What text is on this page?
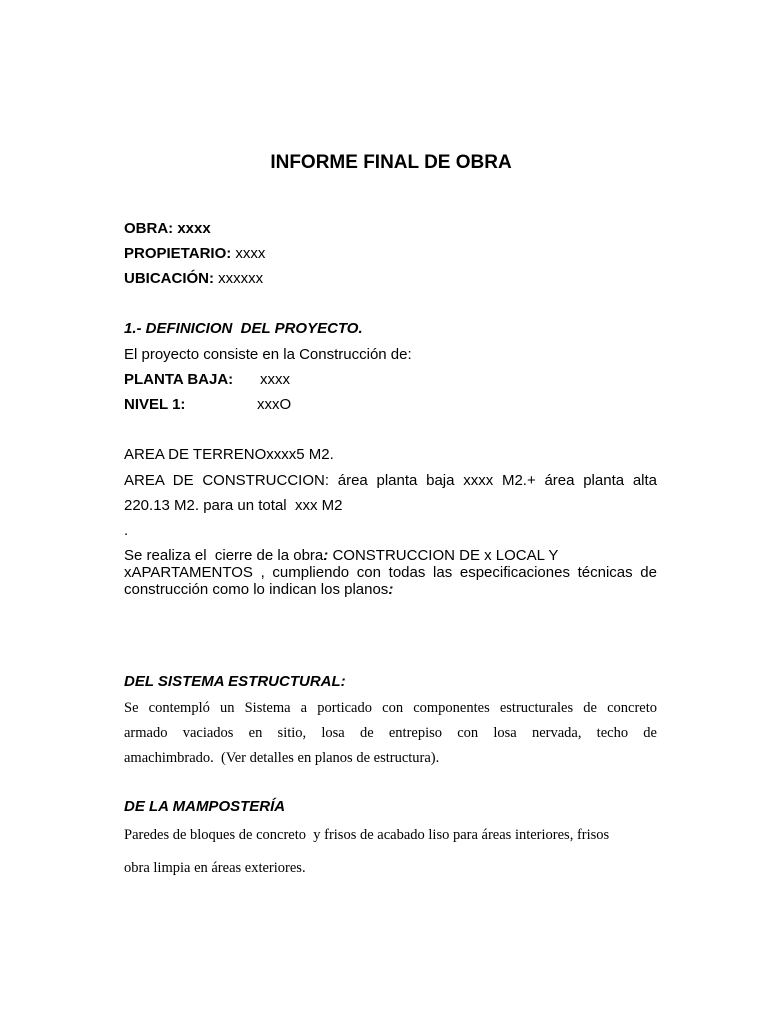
INFORME FINAL DE OBRA
OBRA: xxxx
PROPIETARIO: xxxx
UBICACIÓN: xxxxxx
1.- DEFINICION  DEL PROYECTO.
El proyecto consiste en la Construcción de:
PLANTA BAJA: xxxx
NIVEL 1:	xxxO
AREA DE TERRENOxxxx5 M2.
AREA DE CONSTRUCCION: área planta baja xxxx M2.+ área planta alta
220.13 M2. para un total  xxx M2
.
Se realiza el  cierre de la obra: CONSTRUCCION DE x LOCAL Y
xAPARTAMENTOS , cumpliendo con todas las especificaciones técnicas de
construcción como lo indican los planos:
DEL SISTEMA ESTRUCTURAL:
Se contempló un Sistema a porticado con componentes estructurales de concreto
armado vaciados en sitio, losa de entrepiso con losa nervada, techo de
amachimbrado.  (Ver detalles en planos de estructura).
DE LA MAMPOSTERÍA
Paredes de bloques de concreto  y frisos de acabado liso para áreas interiores, frisos
obra limpia en áreas exteriores.
